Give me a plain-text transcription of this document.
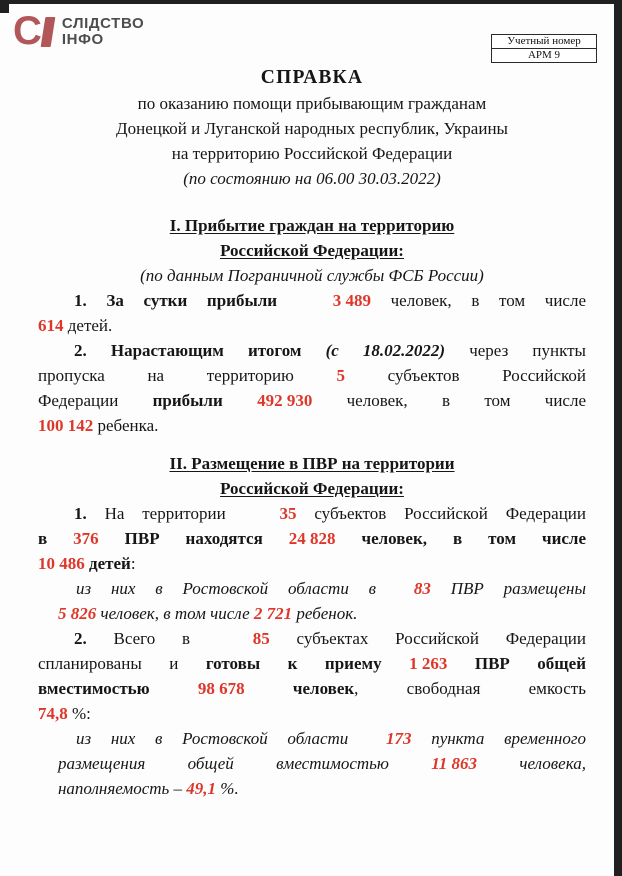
С СЛІДСТВО
ІНФО	Учетный номер
АРМ 9
СПРАВКА
по оказанию помощи прибывающим гражданам
Донецкой и Луганской народных республик, Украины
на территорию Российской Федерации
(по состоянию на 06.00 30.03.2022)
I. Прибытие граждан на территорию
Российской Федерации:
(по данным Пограничной службы ФСБ России)
1. За сутки прибыли 3 489 человек, в том числе
614 детей.
2. Нарастающим итогом (с 18.02.2022) через пункты
пропуска на территорию 5 субъектов Российской
Федерации прибыли 492 930 человек, в том числе
100 142 ребенка.
II. Размещение в ПВР на территории
Российской Федерации:
1. На территории 35 субъектов Российской Федерации
в 376 ПВР находятся 24 828 человек, в том числе
10 486 детей:
из них в Ростовской области в 83 ПВР размещены
5 826 человек, в том числе 2 721 ребенок.
2. Всего в 85 субъектах Российской Федерации
спланированы и готовы к приему 1 263 ПВР общей
вместимостью 98 678 человек, свободная емкость
74,8 %:
из них в Ростовской области 173 пункта временного
размещения общей вместимостью 11 863 человека,
наполняемость – 49,1 %.
